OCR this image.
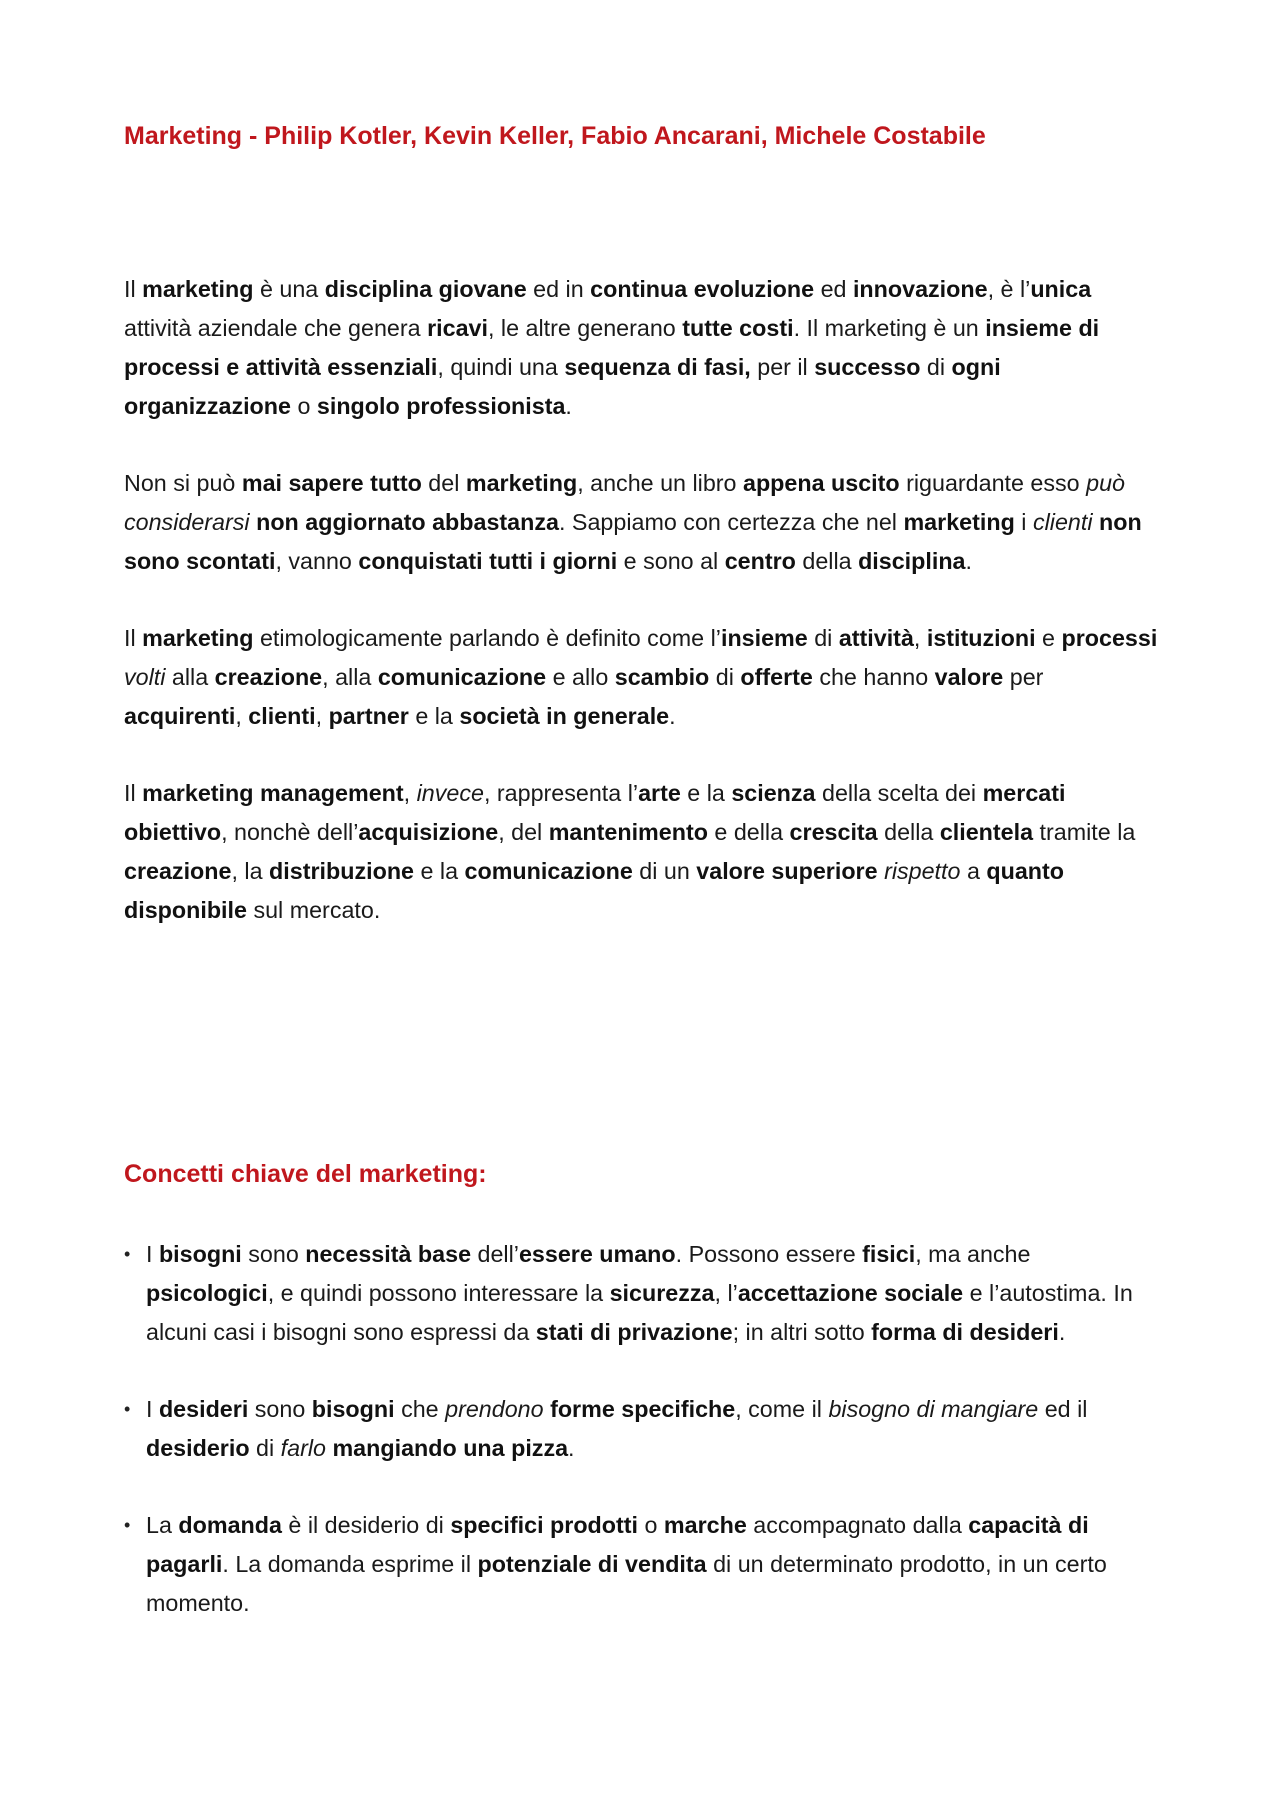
Marketing - Philip Kotler, Kevin Keller, Fabio Ancarani, Michele Costabile

Il marketing è una disciplina giovane ed in continua evoluzione ed innovazione, è l’unica attività aziendale che genera ricavi, le altre generano tutte costi. Il marketing è un insieme di processi e attività essenziali, quindi una sequenza di fasi, per il successo di ogni organizzazione o singolo professionista.

Non si può mai sapere tutto del marketing, anche un libro appena uscito riguardante esso può considerarsi non aggiornato abbastanza. Sappiamo con certezza che nel marketing i clienti non sono scontati, vanno conquistati tutti i giorni e sono al centro della disciplina.

Il marketing etimologicamente parlando è definito come l’insieme di attività, istituzioni e processi volti alla creazione, alla comunicazione e allo scambio di offerte che hanno valore per acquirenti, clienti, partner e la società in generale.

Il marketing management, invece, rappresenta l’arte e la scienza della scelta dei mercati obiettivo, nonchè dell’acquisizione, del mantenimento e della crescita della clientela tramite la creazione, la distribuzione e la comunicazione di un valore superiore rispetto a quanto disponibile sul mercato.

Concetti chiave del marketing:
• I bisogni sono necessità base dell’essere umano. Possono essere fisici, ma anche psicologici, e quindi possono interessare la sicurezza, l’accettazione sociale e l’autostima. In alcuni casi i bisogni sono espressi da stati di privazione; in altri sotto forma di desideri.
• I desideri sono bisogni che prendono forme specifiche, come il bisogno di mangiare ed il desiderio di farlo mangiando una pizza.
• La domanda è il desiderio di specifici prodotti o marche accompagnato dalla capacità di pagarli. La domanda esprime il potenziale di vendita di un determinato prodotto, in un certo momento.
